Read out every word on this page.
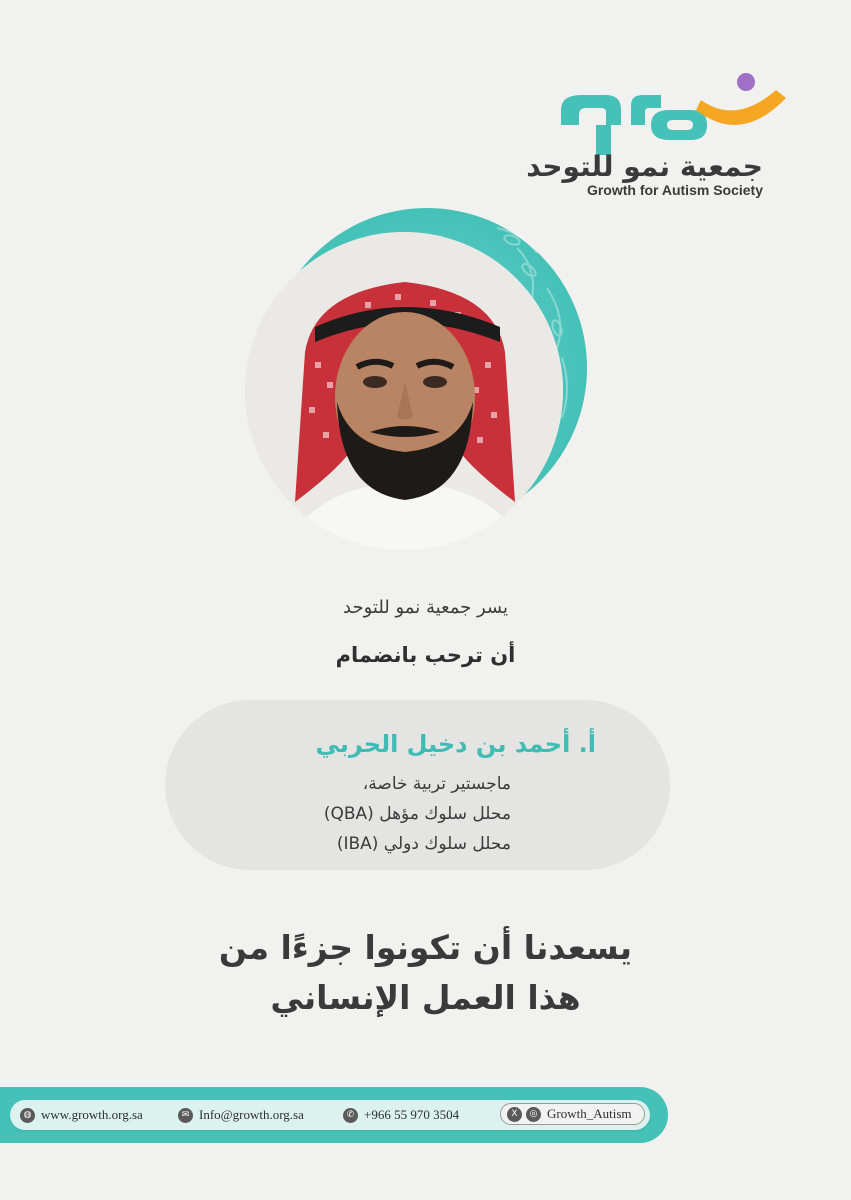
جمعية نمو للتوحد
Growth for Autism Society
يسر جمعية نمو للتوحد
أن ترحب بانضمام
أ. أحمد بن دخيل الحربي
ماجستير تربية خاصة،
محلل سلوك مؤهل (QBA)
محلل سلوك دولي (IBA)
يسعدنا أن تكونوا جزءًا من
هذا العمل الإنساني
◍ www.growth.org.sa	✉ Info@growth.org.sa	✆ +966 55 970 3504	X	◎ Growth_Autism
